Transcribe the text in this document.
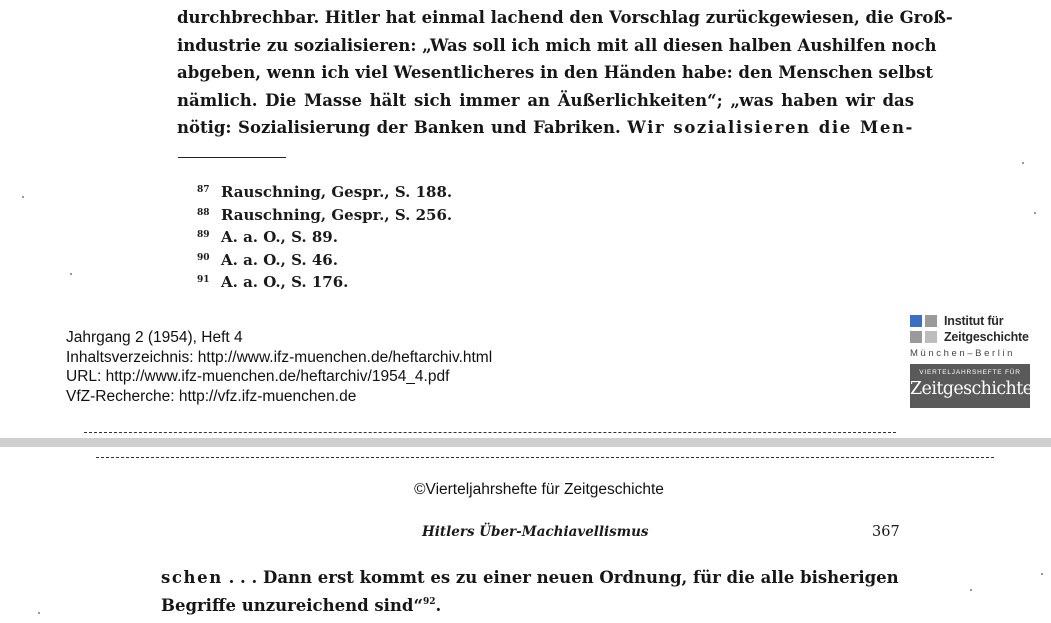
durchbrechbar. Hitler hat einmal lachend den Vorschlag zurückgewiesen, die Groß-
industrie zu sozialisieren: „Was soll ich mich mit all diesen halben Aushilfen noch
abgeben, wenn ich viel Wesentlicheres in den Händen habe: den Menschen selbst
nämlich. Die Masse hält sich immer an Äußerlichkeiten“; „was haben wir das
nötig: Sozialisierung der Banken und Fabriken. Wir sozialisieren die Men-
87 Rauschning, Gespr., S. 188.
88 Rauschning, Gespr., S. 256.
89 A. a. O., S. 89.
90 A. a. O., S. 46.
91 A. a. O., S. 176.
Jahrgang 2 (1954), Heft 4
Inhaltsverzeichnis: http://www.ifz-muenchen.de/heftarchiv.html
URL: http://www.ifz-muenchen.de/heftarchiv/1954_4.pdf
VfZ-Recherche: http://vfz.ifz-muenchen.de
Institut für
Zeitgeschichte
München–Berlin
VIERTELJAHRSHEFTE FÜR
Zeitgeschichte
©Vierteljahrshefte für Zeitgeschichte
Hitlers Über-Machiavellismus	367
schen . . . Dann erst kommt es zu einer neuen Ordnung, für die alle bisherigen
Begriffe unzureichend sind“$^{92}$.
